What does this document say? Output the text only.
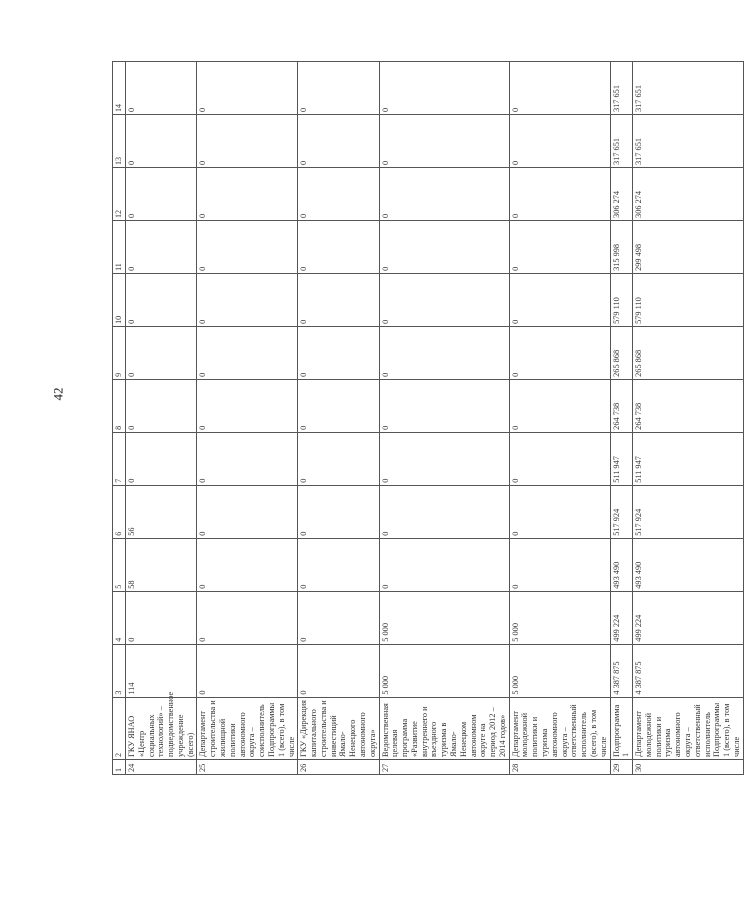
42
1	2	3	4	5	6	7	8	9	10	11	12	13	14
24	ГКУ ЯНАО «Центр социальных технологий» – подведомственное учреждение (всего)	114	0	58	56	0	0	0	0	0	0	0	0
25	Департамент строительства и жилищной политики автономного округа – соисполнитель Подпрограммы 1 (всего), в том числе	0	0	0	0	0	0	0	0	0	0	0	0
26	ГКУ «Дирекция капитального строительства и инвестиций Ямало-Ненецкого автономного округа»	0	0	0	0	0	0	0	0	0	0	0	0
27	Ведомственная целевая программа «Развитие внутреннего и въездного туризма в Ямало-Ненецком автономном округе на период 2012 – 2014 годов»	5 000	5 000	0	0	0	0	0	0	0	0	0	0
28	Департамент молодежной политики и туризма автономного округа – ответственный исполнитель (всего), в том числе	5 000	5 000	0	0	0	0	0	0	0	0	0	0
29	Подпрограмма 1	4 387 875	499 224	493 490	517 924	511 947	264 738	265 868	579 110	315 998	306 274	317 651	317 651
30	Департамент молодежной политики и туризма автономного округа – ответственный исполнитель Подпрограммы 1 (всего), в том числе	4 387 875	499 224	493 490	517 924	511 947	264 738	265 868	579 110	299 498	306 274	317 651	317 651
